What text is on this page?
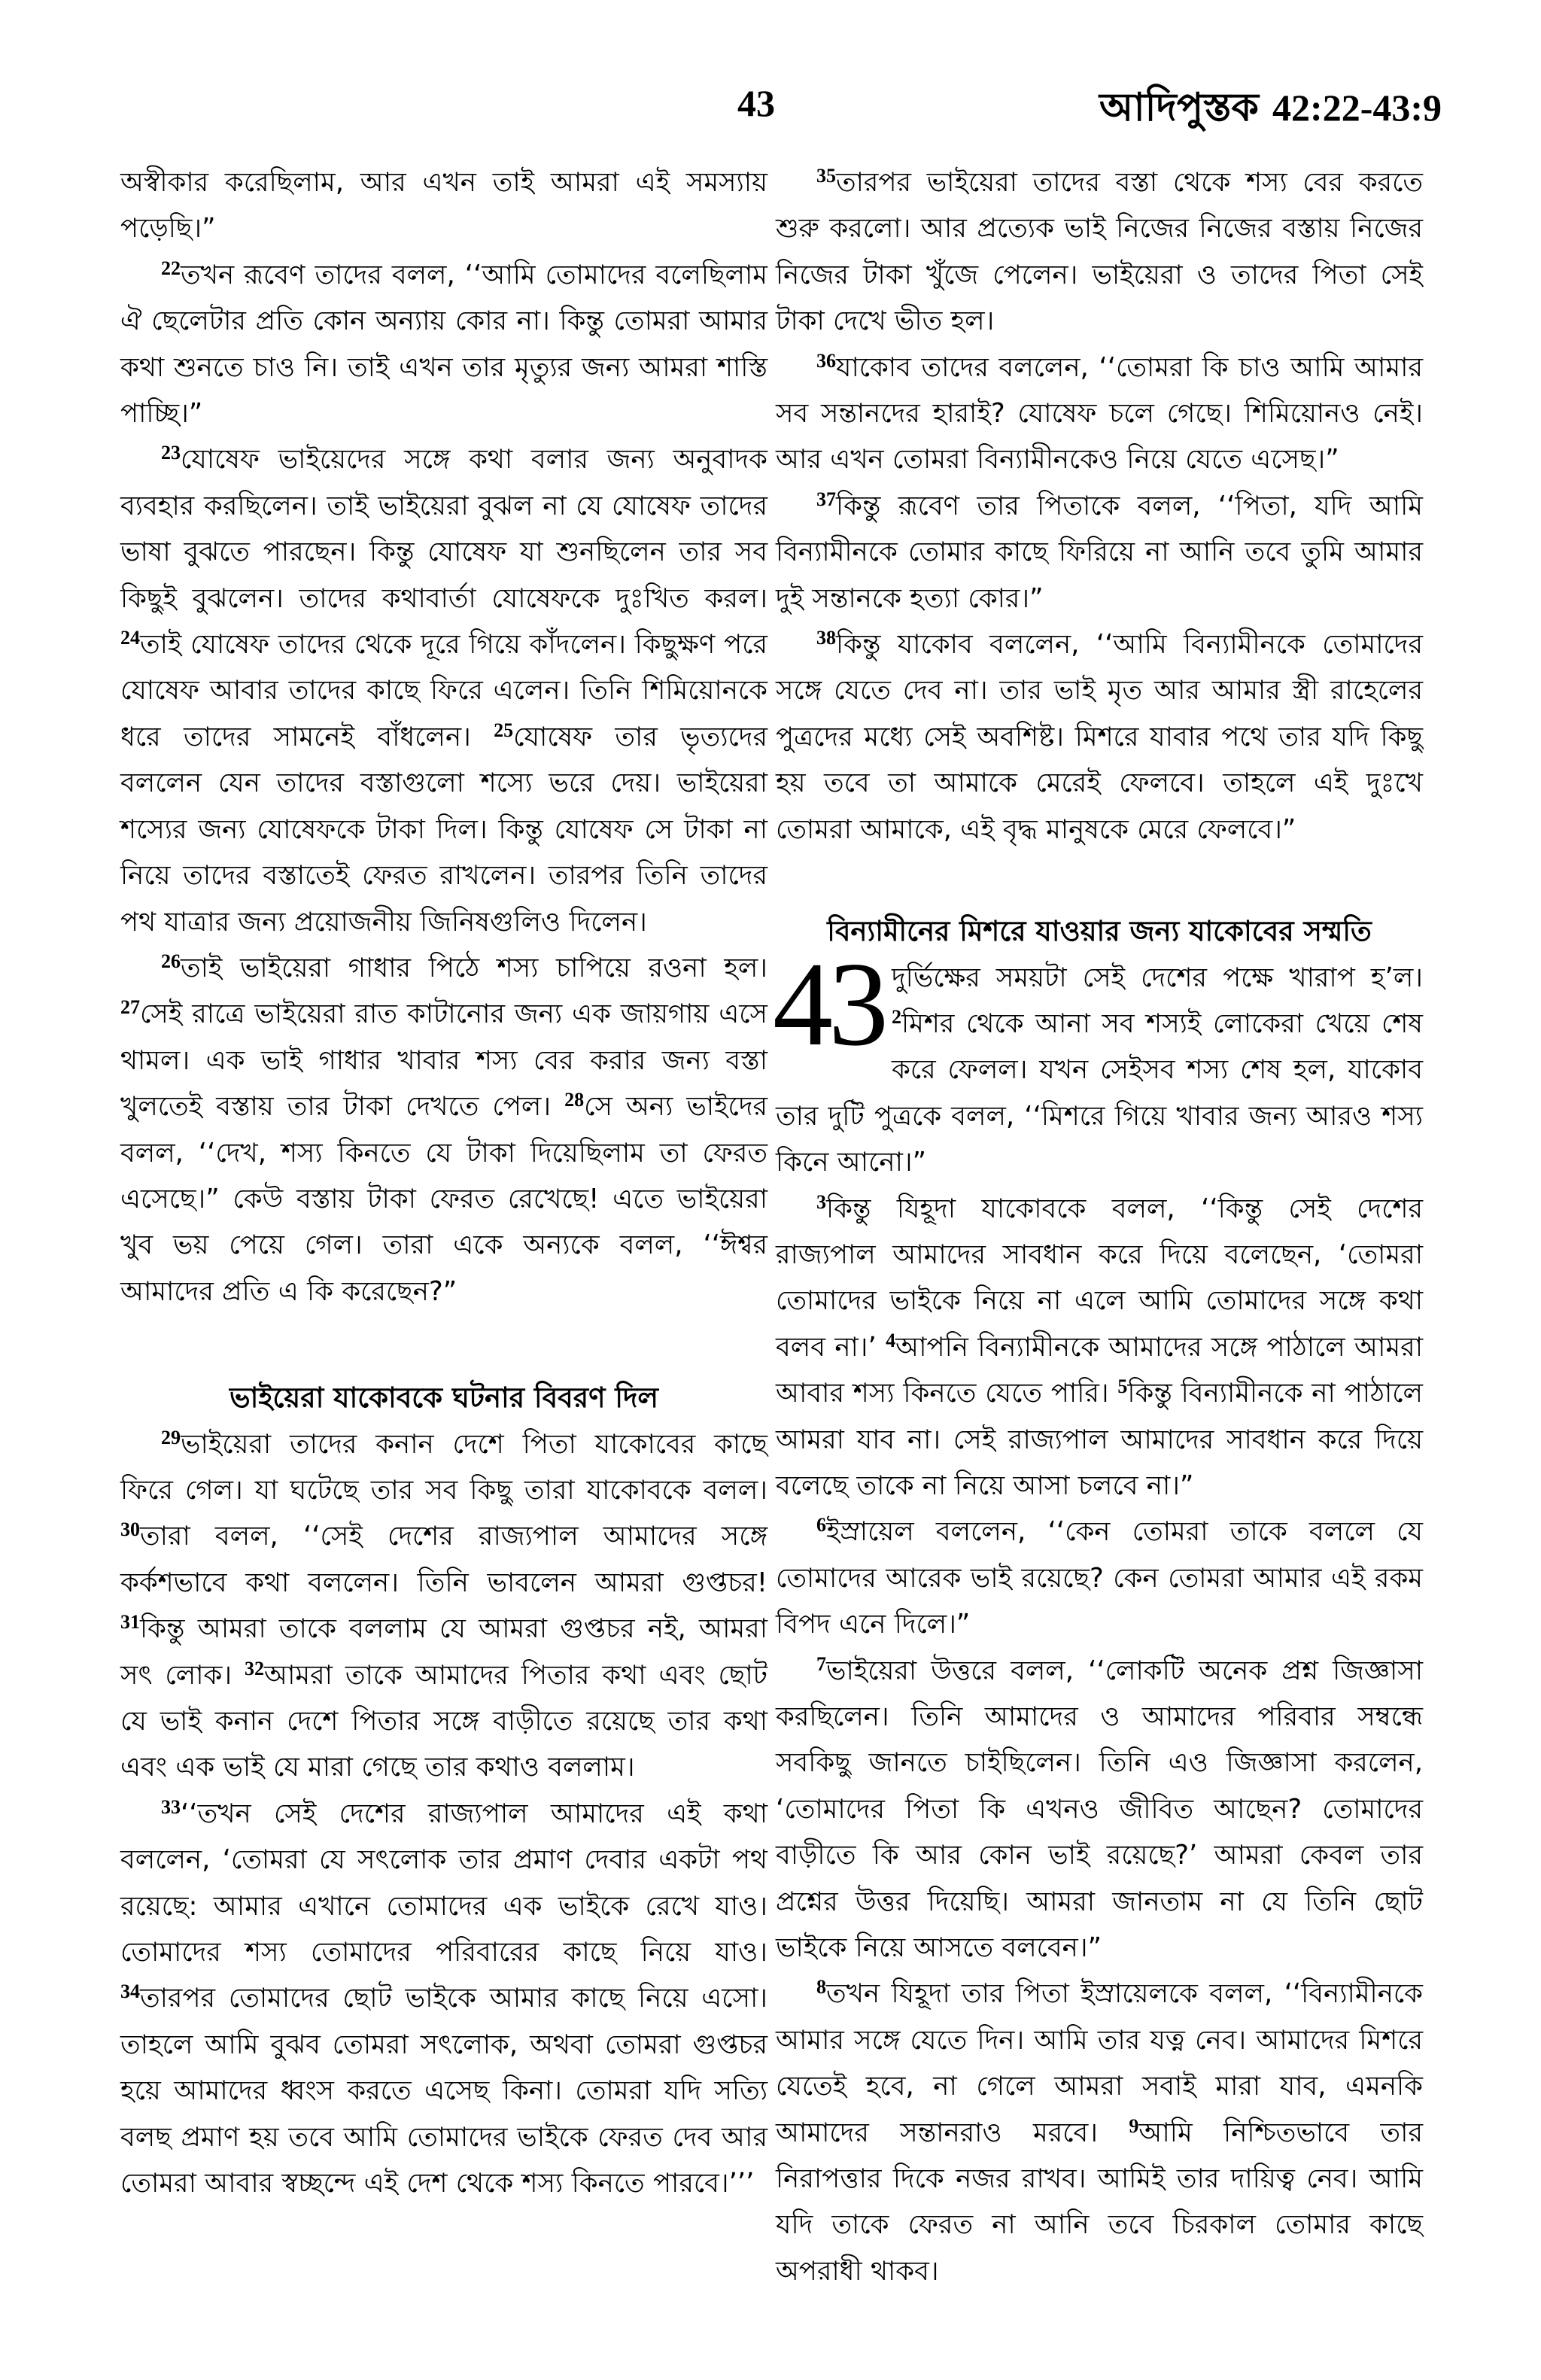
43	আদিপুস্তক 42:22-43:9

অস্বীকার করেছিলাম, আর এখন তাই আমরা এই সমস্যায় পড়েছি।”

$^{22}$তখন রূবেণ তাদের বলল, ‘‘আমি তোমাদের বলেছিলাম ঐ ছেলেটার প্রতি কোন অন্যায় কোর না। কিন্তু তোমরা আমার কথা শুনতে চাও নি। তাই এখন তার মৃত্যুর জন্য আমরা শাস্তি পাচ্ছি।”

$^{23}$যোষেফ ভাইয়েদের সঙ্গে কথা বলার জন্য অনুবাদক ব্যবহার করছিলেন। তাই ভাইয়েরা বুঝল না যে যোষেফ তাদের ভাষা বুঝতে পারছেন। কিন্তু যোষেফ যা শুনছিলেন তার সব কিছুই বুঝলেন। তাদের কথাবার্তা যোষেফকে দুঃখিত করল। $^{24}$তাই যোষেফ তাদের থেকে দূরে গিয়ে কাঁদলেন। কিছুক্ষণ পরে যোষেফ আবার তাদের কাছে ফিরে এলেন। তিনি শিমিয়োনকে ধরে তাদের সামনেই বাঁধলেন। $^{25}$যোষেফ তার ভৃত্যদের বললেন যেন তাদের বস্তাগুলো শস্যে ভরে দেয়। ভাইয়েরা শস্যের জন্য যোষেফকে টাকা দিল। কিন্তু যোষেফ সে টাকা না নিয়ে তাদের বস্তাতেই ফেরত রাখলেন। তারপর তিনি তাদের পথ যাত্রার জন্য প্রয়োজনীয় জিনিষগুলিও দিলেন।

$^{26}$তাই ভাইয়েরা গাধার পিঠে শস্য চাপিয়ে রওনা হল। $^{27}$সেই রাত্রে ভাইয়েরা রাত কাটানোর জন্য এক জায়গায় এসে থামল। এক ভাই গাধার খাবার শস্য বের করার জন্য বস্তা খুলতেই বস্তায় তার টাকা দেখতে পেল। $^{28}$সে অন্য ভাইদের বলল, ‘‘দেখ, শস্য কিনতে যে টাকা দিয়েছিলাম তা ফেরত এসেছে।” কেউ বস্তায় টাকা ফেরত রেখেছে! এতে ভাইয়েরা খুব ভয় পেয়ে গেল। তারা একে অন্যকে বলল, ‘‘ঈশ্বর আমাদের প্রতি এ কি করেছেন?”

ভাইয়েরা যাকোবকে ঘটনার বিবরণ দিল

$^{29}$ভাইয়েরা তাদের কনান দেশে পিতা যাকোবের কাছে ফিরে গেল। যা ঘটেছে তার সব কিছু তারা যাকোবকে বলল। $^{30}$তারা বলল, ‘‘সেই দেশের রাজ্যপাল আমাদের সঙ্গে কর্কশভাবে কথা বললেন। তিনি ভাবলেন আমরা গুপ্তচর! $^{31}$কিন্তু আমরা তাকে বললাম যে আমরা গুপ্তচর নই, আমরা সৎ লোক। $^{32}$আমরা তাকে আমাদের পিতার কথা এবং ছোট যে ভাই কনান দেশে পিতার সঙ্গে বাড়ীতে রয়েছে তার কথা এবং এক ভাই যে মারা গেছে তার কথাও বললাম।

$^{33}$‘‘তখন সেই দেশের রাজ্যপাল আমাদের এই কথা বললেন, ‘তোমরা যে সৎলোক তার প্রমাণ দেবার একটা পথ রয়েছে: আমার এখানে তোমাদের এক ভাইকে রেখে যাও। তোমাদের শস্য তোমাদের পরিবারের কাছে নিয়ে যাও। $^{34}$তারপর তোমাদের ছোট ভাইকে আমার কাছে নিয়ে এসো। তাহলে আমি বুঝব তোমরা সৎলোক, অথবা তোমরা গুপ্তচর হয়ে আমাদের ধ্বংস করতে এসেছ কিনা। তোমরা যদি সত্যি বলছ প্রমাণ হয় তবে আমি তোমাদের ভাইকে ফেরত দেব আর তোমরা আবার স্বচ্ছন্দে এই দেশ থেকে শস্য কিনতে পারবে।’’’

$^{35}$তারপর ভাইয়েরা তাদের বস্তা থেকে শস্য বের করতে শুরু করলো। আর প্রত্যেক ভাই নিজের নিজের বস্তায় নিজের নিজের টাকা খুঁজে পেলেন। ভাইয়েরা ও তাদের পিতা সেই টাকা দেখে ভীত হল।

$^{36}$যাকোব তাদের বললেন, ‘‘তোমরা কি চাও আমি আমার সব সন্তানদের হারাই? যোষেফ চলে গেছে। শিমিয়োনও নেই। আর এখন তোমরা বিন্যামীনকেও নিয়ে যেতে এসেছ।”

$^{37}$কিন্তু রূবেণ তার পিতাকে বলল, ‘‘পিতা, যদি আমি বিন্যামীনকে তোমার কাছে ফিরিয়ে না আনি তবে তুমি আমার দুই সন্তানকে হত্যা কোর।”

$^{38}$কিন্তু যাকোব বললেন, ‘‘আমি বিন্যামীনকে তোমাদের সঙ্গে যেতে দেব না। তার ভাই মৃত আর আমার স্ত্রী রাহেলের পুত্রদের মধ্যে সেই অবশিষ্ট। মিশরে যাবার পথে তার যদি কিছু হয় তবে তা আমাকে মেরেই ফেলবে। তাহলে এই দুঃখে তোমরা আমাকে, এই বৃদ্ধ মানুষকে মেরে ফেলবে।”

বিন্যামীনের মিশরে যাওয়ার জন্য যাকোবের সম্মতি

43 দুর্ভিক্ষের সময়টা সেই দেশের পক্ষে খারাপ হ’ল। $^2$মিশর থেকে আনা সব শস্যই লোকেরা খেয়ে শেষ করে ফেলল। যখন সেইসব শস্য শেষ হল, যাকোব তার দুটি পুত্রকে বলল, ‘‘মিশরে গিয়ে খাবার জন্য আরও শস্য কিনে আনো।”

$^3$কিন্তু যিহূদা যাকোবকে বলল, ‘‘কিন্তু সেই দেশের রাজ্যপাল আমাদের সাবধান করে দিয়ে বলেছেন, ‘তোমরা তোমাদের ভাইকে নিয়ে না এলে আমি তোমাদের সঙ্গে কথা বলব না।’ $^4$আপনি বিন্যামীনকে আমাদের সঙ্গে পাঠালে আমরা আবার শস্য কিনতে যেতে পারি। $^5$কিন্তু বিন্যামীনকে না পাঠালে আমরা যাব না। সেই রাজ্যপাল আমাদের সাবধান করে দিয়ে বলেছে তাকে না নিয়ে আসা চলবে না।”

$^6$ইস্রায়েল বললেন, ‘‘কেন তোমরা তাকে বললে যে তোমাদের আরেক ভাই রয়েছে? কেন তোমরা আমার এই রকম বিপদ এনে দিলে।”

$^7$ভাইয়েরা উত্তরে বলল, ‘‘লোকটি অনেক প্রশ্ন জিজ্ঞাসা করছিলেন। তিনি আমাদের ও আমাদের পরিবার সম্বন্ধে সবকিছু জানতে চাইছিলেন। তিনি এও জিজ্ঞাসা করলেন, ‘তোমাদের পিতা কি এখনও জীবিত আছেন? তোমাদের বাড়ীতে কি আর কোন ভাই রয়েছে?’ আমরা কেবল তার প্রশ্নের উত্তর দিয়েছি। আমরা জানতাম না যে তিনি ছোট ভাইকে নিয়ে আসতে বলবেন।”

$^8$তখন যিহূদা তার পিতা ইস্রায়েলকে বলল, ‘‘বিন্যামীনকে আমার সঙ্গে যেতে দিন। আমি তার যত্ন নেব। আমাদের মিশরে যেতেই হবে, না গেলে আমরা সবাই মারা যাব, এমনকি আমাদের সন্তানরাও মরবে। $^9$আমি নিশ্চিতভাবে তার নিরাপত্তার দিকে নজর রাখব। আমিই তার দায়িত্ব নেব। আমি যদি তাকে ফেরত না আনি তবে চিরকাল তোমার কাছে অপরাধী থাকব।
